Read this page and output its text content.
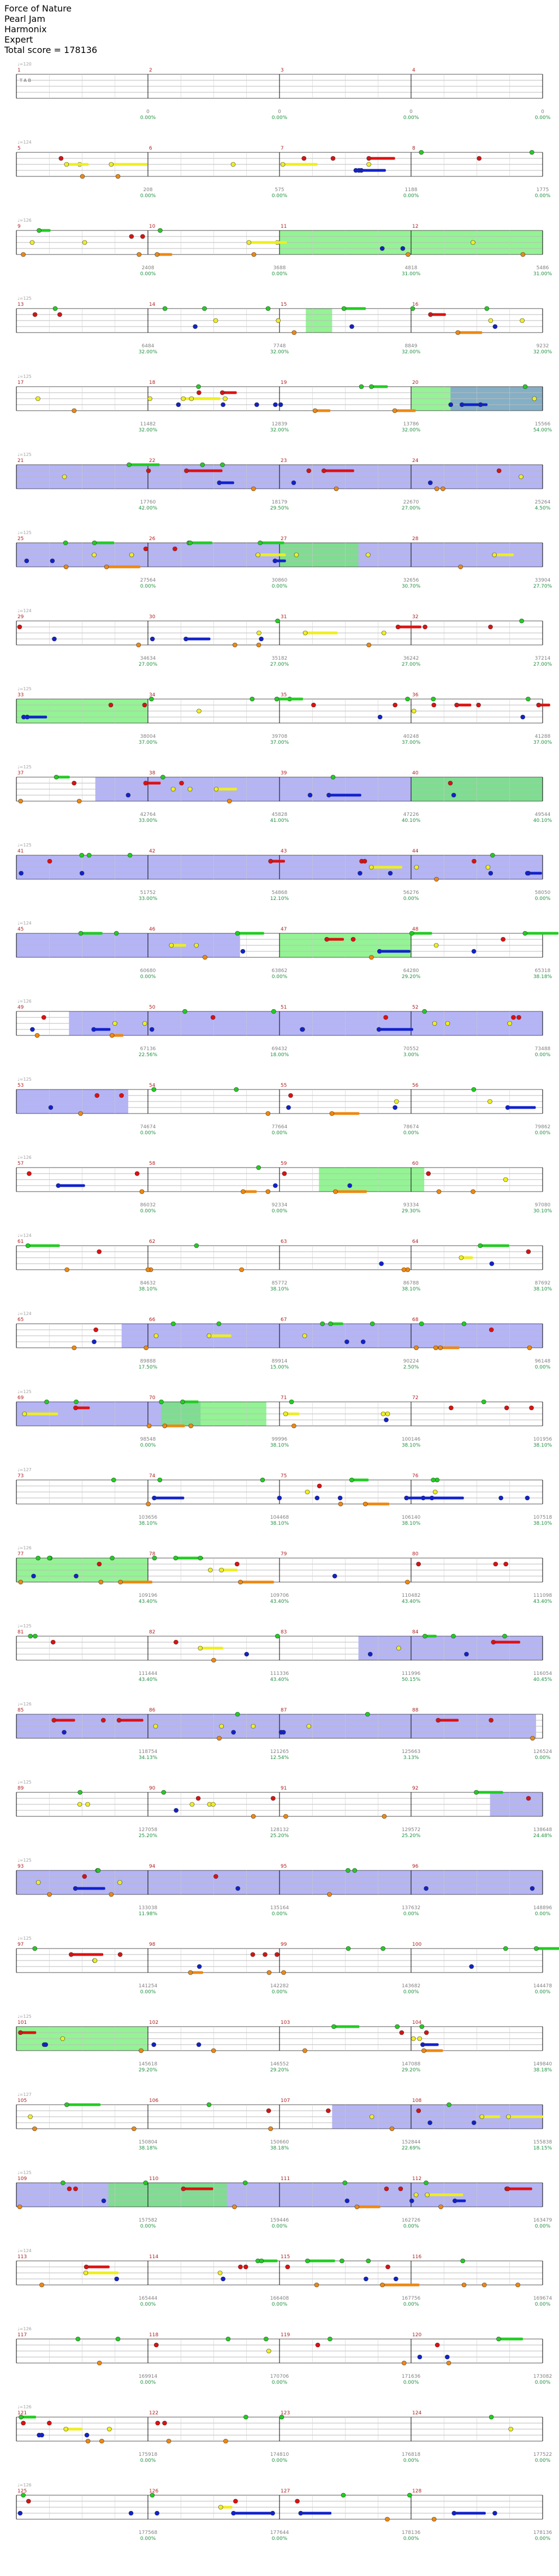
Force of Nature
Pearl Jam
Harmonix
Expert
Total score = 178136
T A B
1
0
0.00%
2
0
0.00%
3
0
0.00%
4
0
0.00%
♩=120
5
208
0.00%
6
575
0.00%
7
1188
0.00%
8
1775
0.00%
♩=124
9
2408
0.00%
10
3688
0.00%
11
4818
31.00%
12
5486
31.00%
♩=126
13
6484
32.00%
14
7748
32.00%
15
8849
32.00%
16
9232
32.00%
♩=125
17
11482
32.00%
18
12839
32.00%
19
13786
32.00%
20
15566
54.00%
♩=125
21
17760
42.00%
22
18179
29.50%
23
22670
27.00%
24
25264
4.50%
♩=125
25
27564
0.00%
26
30860
0.00%
27
32656
30.70%
28
33904
27.70%
♩=125
29
34634
27.00%
30
35182
27.00%
31
36242
27.00%
32
37214
27.00%
♩=124
33
38004
37.00%
34
39708
37.00%
35
40248
37.00%
36
41288
37.00%
♩=125
37
42764
33.00%
38
45828
41.00%
39
47226
40.10%
40
49544
40.10%
♩=125
41
51752
33.00%
42
54868
12.10%
43
56276
0.00%
44
58050
0.00%
♩=125
45
60680
0.00%
46
63862
0.00%
47
64280
29.20%
48
65318
38.18%
♩=124
49
67136
22.56%
50
69432
18.00%
51
70552
3.00%
52
73488
0.00%
♩=126
53
74674
0.00%
54
77664
0.00%
55
78674
0.00%
56
79862
0.00%
♩=125
57
86032
0.00%
58
92334
0.00%
59
93334
29.30%
60
97080
30.10%
♩=126
61
84632
38.10%
62
85772
38.10%
63
86788
38.10%
64
87692
38.10%
♩=124
65
89888
17.50%
66
89914
15.00%
67
90224
2.50%
68
96148
0.00%
♩=124
69
98548
0.00%
70
99996
38.10%
71
100146
38.10%
72
101956
38.10%
♩=125
73
103656
38.10%
74
104468
38.10%
75
106140
38.10%
76
107518
38.10%
♩=127
77
109196
43.40%
78
109706
43.40%
79
110482
43.40%
80
111098
43.40%
♩=126
81
111444
43.40%
82
111336
43.40%
83
111996
50.15%
84
116054
40.45%
♩=125
85
118754
34.13%
86
121265
12.54%
87
125663
3.13%
88
126524
0.00%
♩=126
89
127058
25.20%
90
128132
25.20%
91
129572
25.20%
92
138648
24.48%
♩=125
93
133038
11.98%
94
135164
0.00%
95
137632
0.00%
96
148896
0.00%
♩=125
97
141254
0.00%
98
142282
0.00%
99
143682
0.00%
100
144478
0.00%
♩=125
101
145618
29.20%
102
146552
29.20%
103
147088
29.20%
104
149840
38.18%
♩=125
105
150804
38.18%
106
150660
38.18%
107
152844
22.69%
108
155838
18.15%
♩=127
109
157582
0.00%
110
159446
0.00%
111
162726
0.00%
112
163479
0.00%
♩=125
113
165444
0.00%
114
166408
0.00%
115
167756
0.00%
116
169674
0.00%
♩=124
117
169914
0.00%
118
170706
0.00%
119
171636
0.00%
120
173082
0.00%
♩=126
121
175918
0.00%
122
174810
0.00%
123
176818
0.00%
124
177522
0.00%
♩=126
125
177568
0.00%
126
177644
0.00%
127
178136
0.00%
128
178136
0.00%
♩=126
